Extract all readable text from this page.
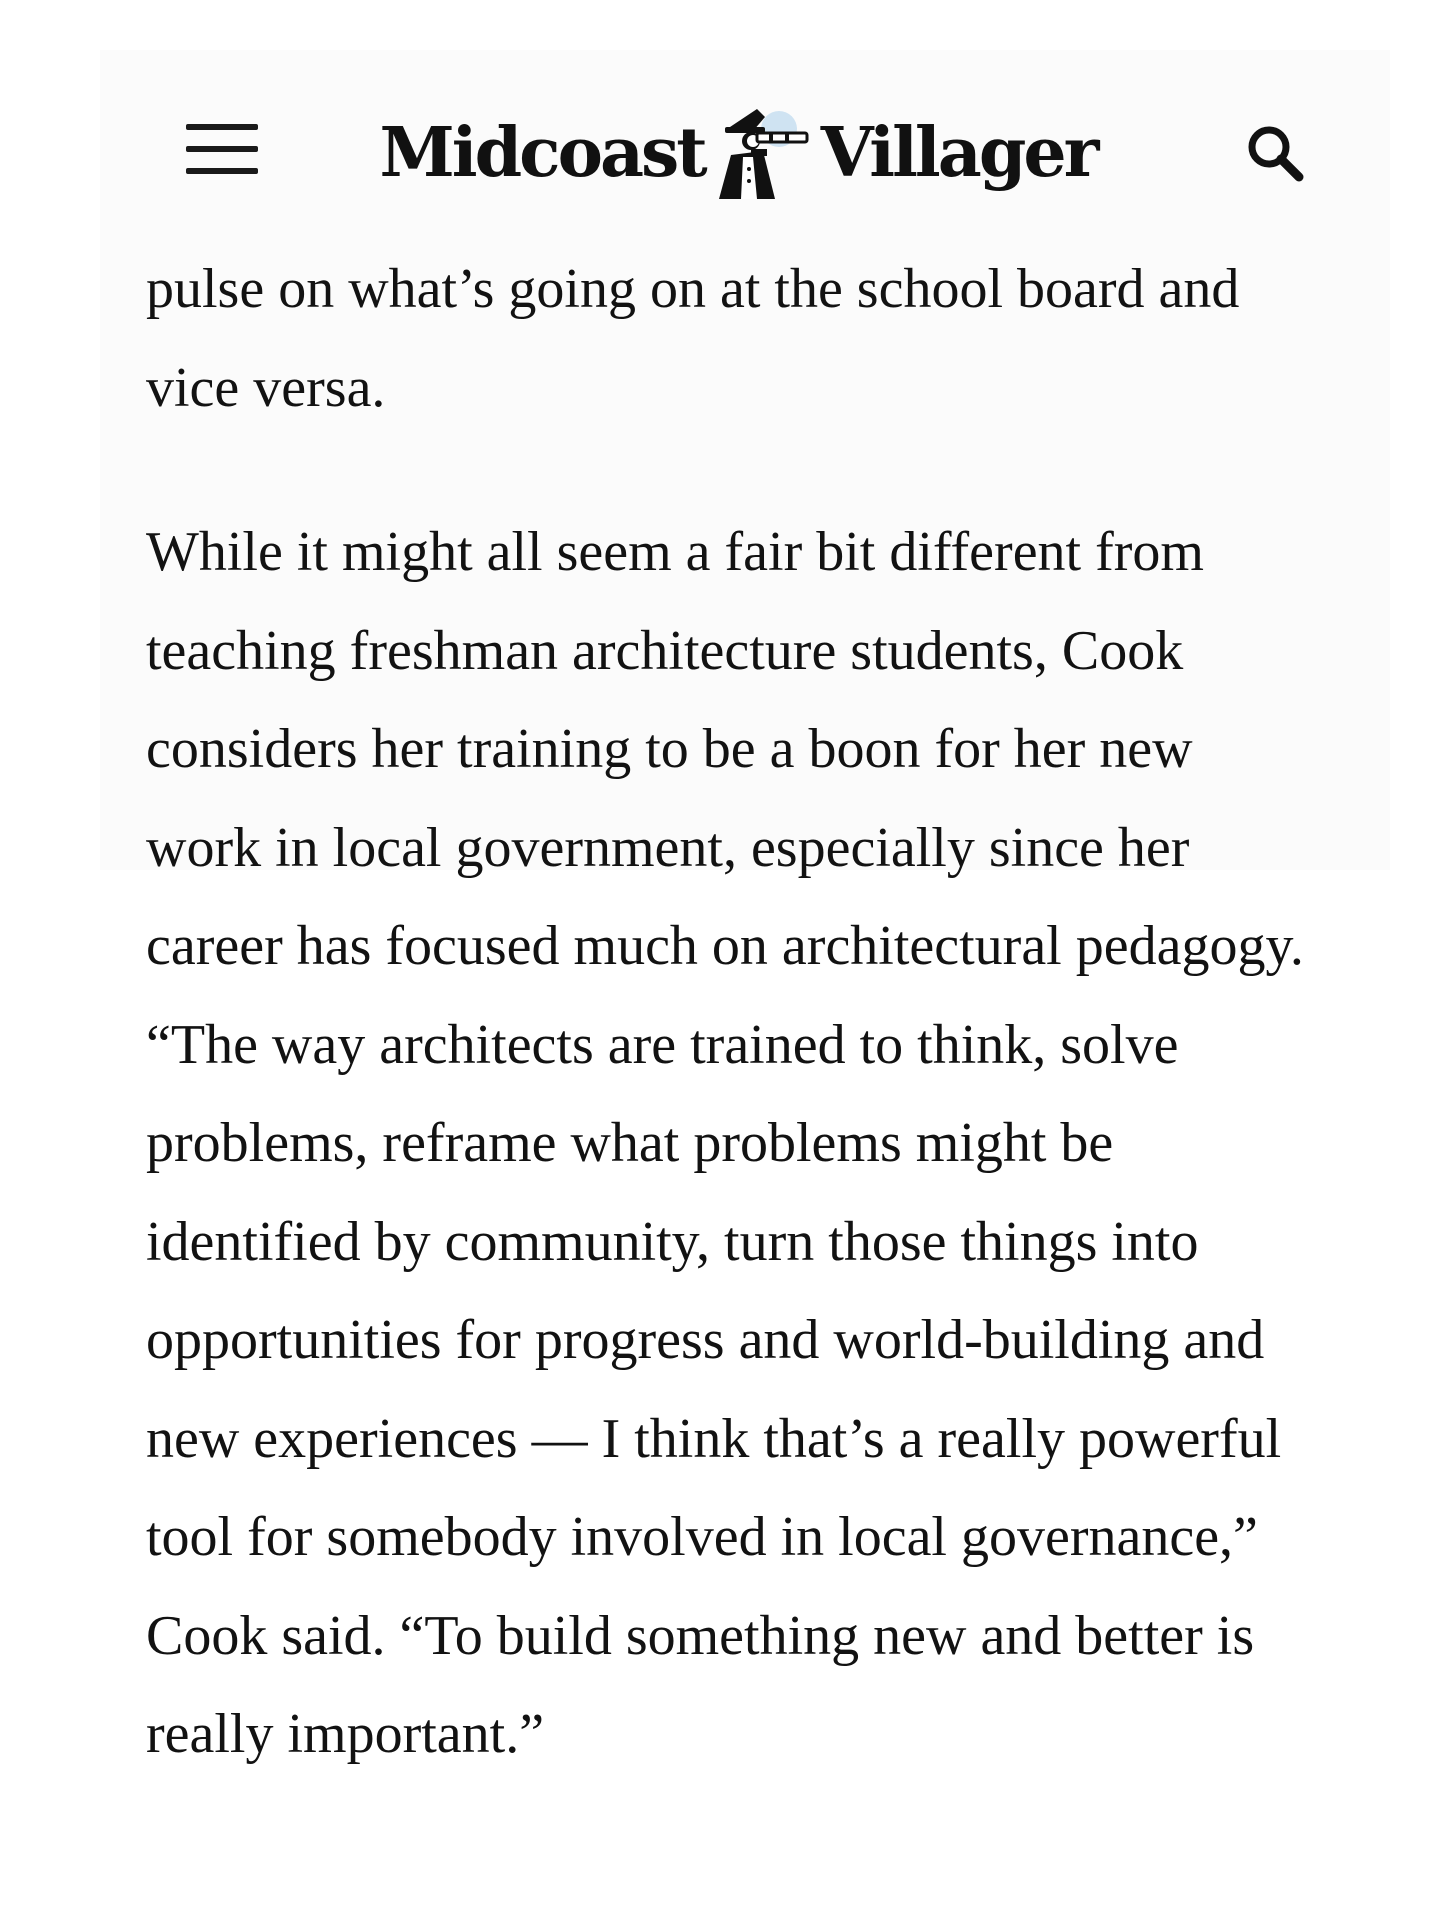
Midcoast Villager

pulse on what’s going on at the school board and vice versa.

While it might all seem a fair bit different from teaching freshman architecture students, Cook considers her training to be a boon for her new work in local government, especially since her career has focused much on architectural pedagogy. “The way architects are trained to think, solve problems, reframe what problems might be identified by community, turn those things into opportunities for progress and world-building and new experiences — I think that’s a really powerful tool for somebody involved in local governance,” Cook said. “To build something new and better is really important.”
